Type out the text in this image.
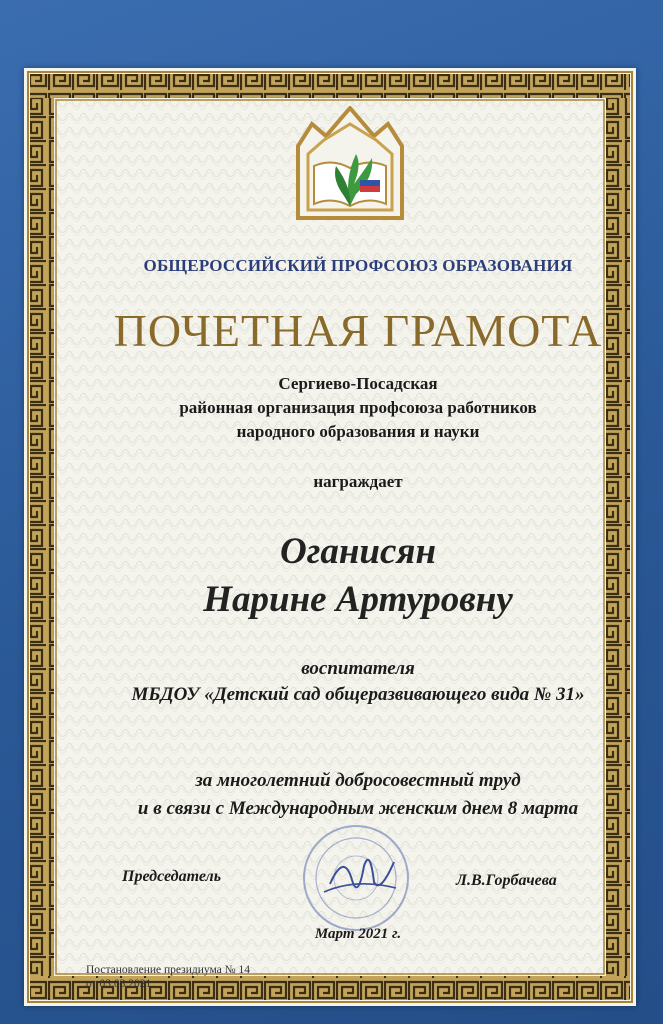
ОБЩЕРОССИЙСКИЙ ПРОФСОЮЗ ОБРАЗОВАНИЯ
ПОЧЕТНАЯ ГРАМОТА
Сергиево-Посадская
районная организация профсоюза работников
народного образования и науки
награждает
Оганисян
Нарине Артуровну
воспитателя
МБДОУ «Детский сад общеразвивающего вида № 31»
за многолетний добросовестный труд
и в связи с Международным женским днем 8 марта
Председатель	Л.В.Горбачева
Март 2021 г.
Постановление президиума № 14
от 03.03.2021
